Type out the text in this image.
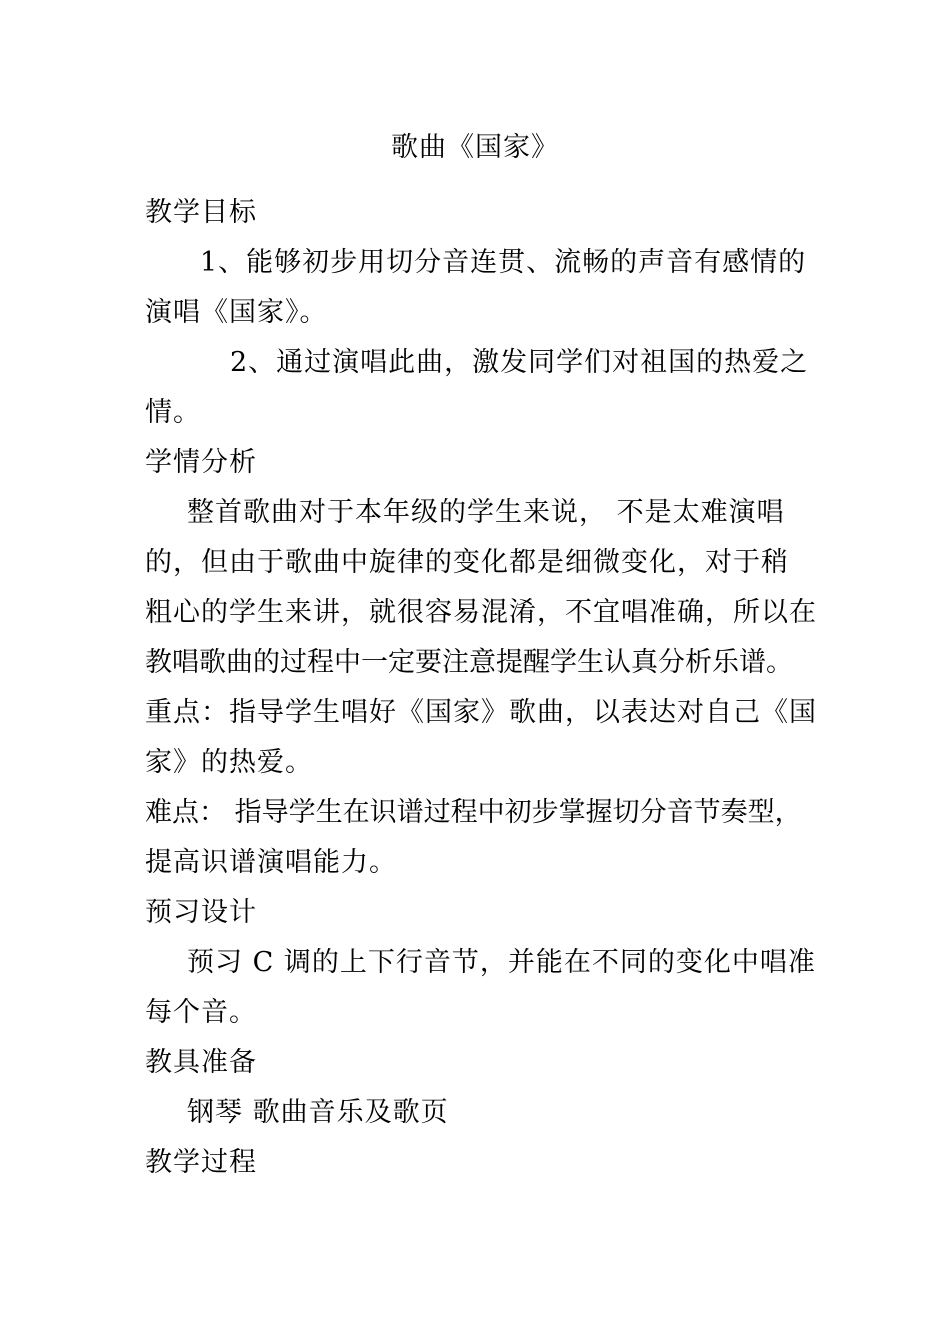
歌曲《国家》
教学目标
1、能够初步用切分音连贯、流畅的声音有感情的
演唱《国家》。
2、通过演唱此曲，激发同学们对祖国的热爱之
情。
学情分析
整首歌曲对于本年级的学生来说， 不是太难演唱
的，但由于歌曲中旋律的变化都是细微变化，对于稍
粗心的学生来讲，就很容易混淆，不宜唱准确，所以在
教唱歌曲的过程中一定要注意提醒学生认真分析乐谱。
重点：指导学生唱好《国家》歌曲，以表达对自己《国
家》的热爱。
难点： 指导学生在识谱过程中初步掌握切分音节奏型，
提高识谱演唱能力。
预习设计
预习 C 调的上下行音节，并能在不同的变化中唱准
每个音。
教具准备
钢琴 歌曲音乐及歌页
教学过程
